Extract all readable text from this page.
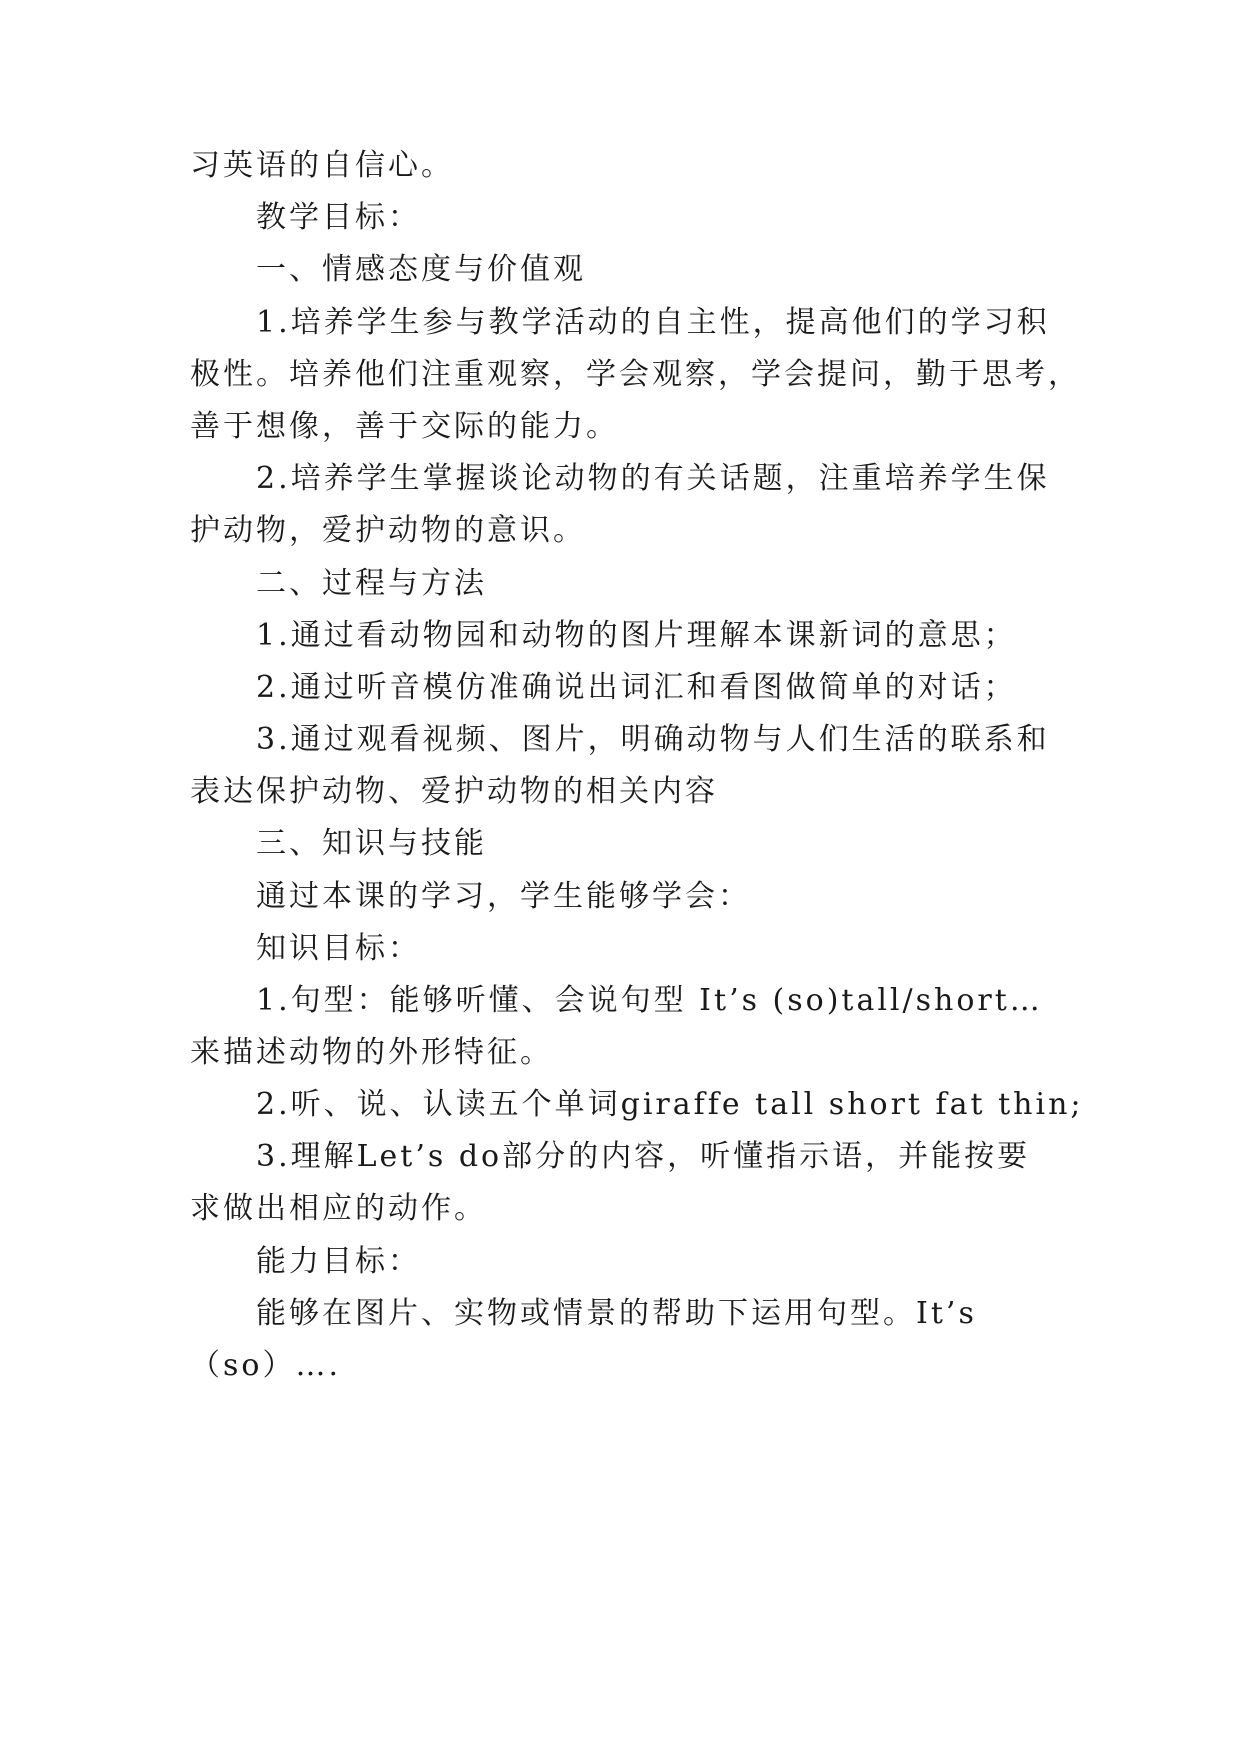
习英语的自信心。
教学目标：
一、情感态度与价值观
1.培养学生参与教学活动的自主性，提高他们的学习积
极性。培养他们注重观察，学会观察，学会提问，勤于思考，
善于想像，善于交际的能力。
2.培养学生掌握谈论动物的有关话题，注重培养学生保
护动物，爱护动物的意识。
二、过程与方法
1.通过看动物园和动物的图片理解本课新词的意思；
2.通过听音模仿准确说出词汇和看图做简单的对话；
3.通过观看视频、图片，明确动物与人们生活的联系和
表达保护动物、爱护动物的相关内容
三、知识与技能
通过本课的学习，学生能够学会：
知识目标：
1.句型：能够听懂、会说句型 It’s (so)tall/short…
来描述动物的外形特征。
2.听、说、认读五个单词giraffe tall short fat thin;
3.理解Let’s do部分的内容，听懂指示语，并能按要
求做出相应的动作。
能力目标：
能够在图片、实物或情景的帮助下运用句型。It’s
（so）….
